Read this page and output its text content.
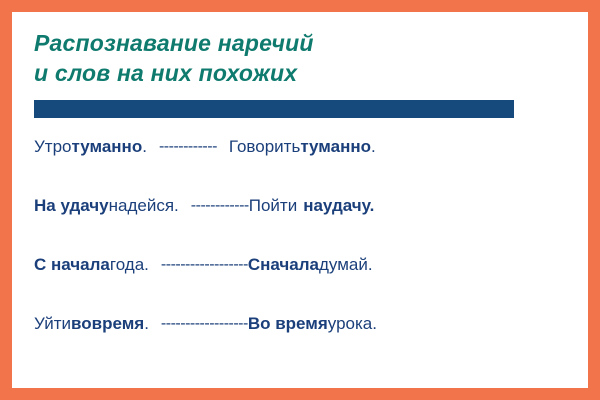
Распознавание наречий
и слов на них похожих
Утро туманно . ------------ Говорить туманно .
На удачу надейся. ------------ Пойти наудачу.
С начала года. ------------------ Сначала думай.
Уйти вовремя . ------------------ Во время урока.
